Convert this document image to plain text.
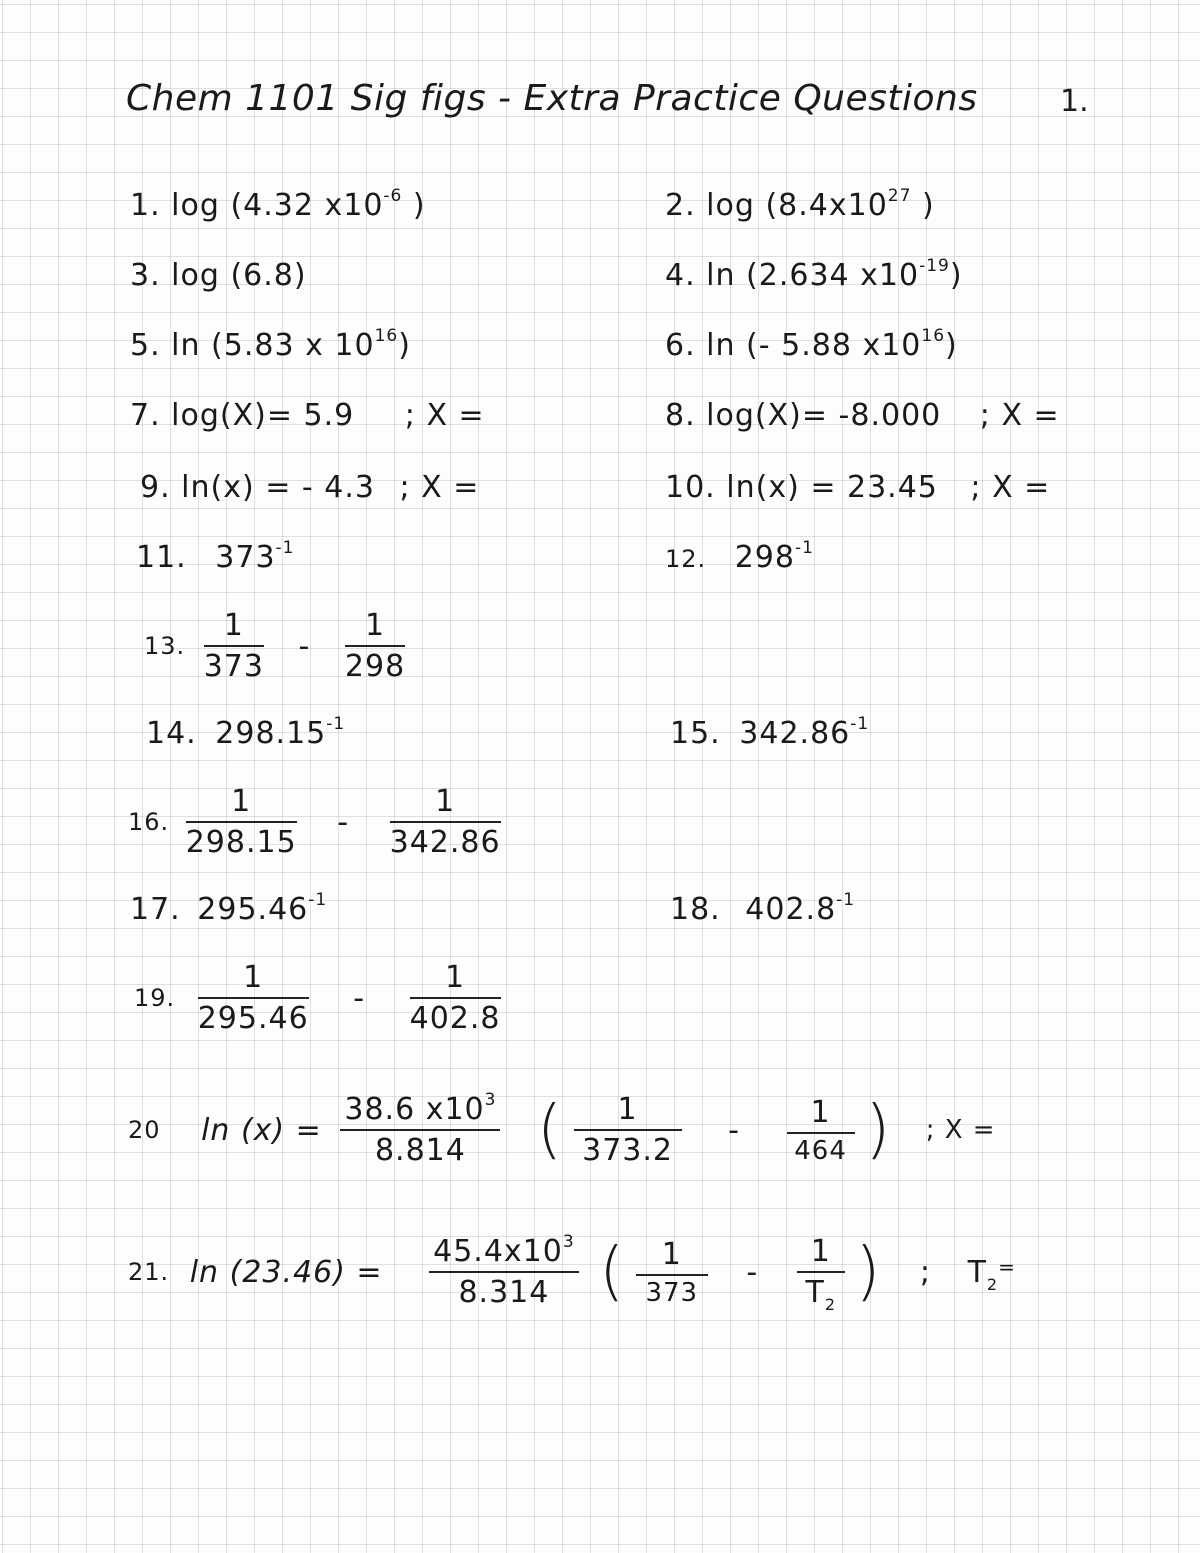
Chem 1101 Sig figs - Extra Practice Questions	1.
1. log (4.32 $x10^{-6}$ )	2. $\log (8.4x10^{27}$ )
3. log (6.8)	4. ln (2.634 $x10^{-19}$)
5. ln (5.83 x $10^{16}$)	6. ln (- 5.88 $x10^{16}$)
7. log(X)= 5.9 ; X =	8. log(X)= -8.000 ; X =
9. ln(x) = - 4.3 ; X =	10. ln(x) = 23.45 ; X =
11. $373^{-1}$	12. $298^{-1}$
13. $\frac{1}{373} - \frac{1}{298}$
14. $298.15^{-1}$	15. $342.86^{-1}$
16. $\frac{1}{298.15} - \frac{1}{342.86}$
17. $295.46^{-1}$	18. $402.8^{-1}$
19. $\frac{1}{295.46} - \frac{1}{402.8}$
20 $\ln (x) = \frac{38.6 x10^3}{8.814}$ ( $\frac{1}{373.2} - \frac{1}{464}$ ) ; X =
21. $\ln (23.46) = \frac{45.4x10^3}{8.314}$ ( $\frac{1}{373} - \frac{1}{T_2}$ ) ; $T_2^=$
